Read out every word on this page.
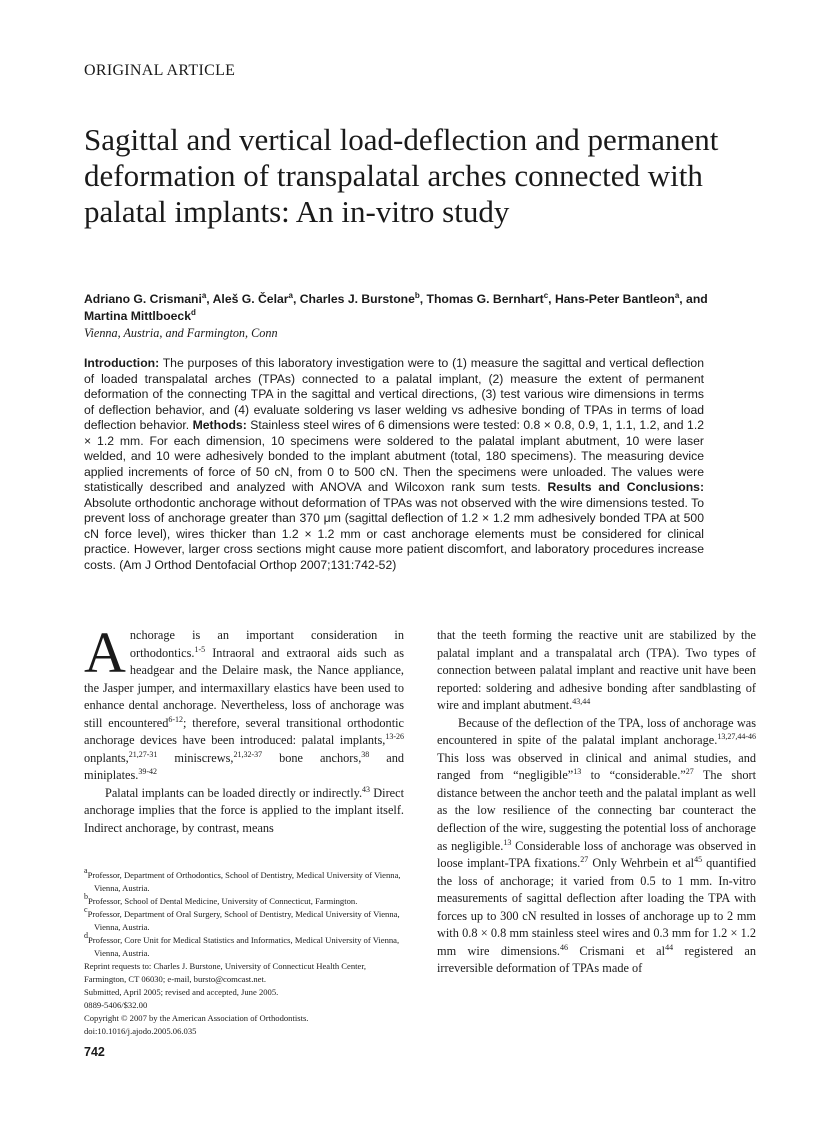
ORIGINAL ARTICLE
Sagittal and vertical load-deflection and permanent deformation of transpalatal arches connected with palatal implants: An in-vitro study
Adriano G. Crismani$^a$, Aleš G. Čelar$^a$, Charles J. Burstone$^b$, Thomas G. Bernhart$^c$, Hans-Peter Bantleon$^a$, and Martina Mittlboeck$^d$
Vienna, Austria, and Farmington, Conn
Introduction: The purposes of this laboratory investigation were to (1) measure the sagittal and vertical deflection of loaded transpalatal arches (TPAs) connected to a palatal implant, (2) measure the extent of permanent deformation of the connecting TPA in the sagittal and vertical directions, (3) test various wire dimensions in terms of deflection behavior, and (4) evaluate soldering vs laser welding vs adhesive bonding of TPAs in terms of load deflection behavior. Methods: Stainless steel wires of 6 dimensions were tested: 0.8 × 0.8, 0.9, 1, 1.1, 1.2, and 1.2 × 1.2 mm. For each dimension, 10 specimens were soldered to the palatal implant abutment, 10 were laser welded, and 10 were adhesively bonded to the implant abutment (total, 180 specimens). The measuring device applied increments of force of 50 cN, from 0 to 500 cN. Then the specimens were unloaded. The values were statistically described and analyzed with ANOVA and Wilcoxon rank sum tests. Results and Conclusions: Absolute orthodontic anchorage without deformation of TPAs was not observed with the wire dimensions tested. To prevent loss of anchorage greater than 370 μm (sagittal deflection of 1.2 × 1.2 mm adhesively bonded TPA at 500 cN force level), wires thicker than 1.2 × 1.2 mm or cast anchorage elements must be considered for clinical practice. However, larger cross sections might cause more patient discomfort, and laboratory procedures increase costs. (Am J Orthod Dentofacial Orthop 2007;131:742-52)

Anchorage is an important consideration in orthodontics.$^{1-5}$ Intraoral and extraoral aids such as headgear and the Delaire mask, the Nance appliance, the Jasper jumper, and intermaxillary elastics have been used to enhance dental anchorage. Nevertheless, loss of anchorage was still encountered$^{6-12}$; therefore, several transitional orthodontic anchorage devices have been introduced: palatal implants,$^{13-26}$ onplants,$^{21,27-31}$ miniscrews,$^{21,32-37}$ bone anchors,$^{38}$ and miniplates.$^{39-42}$

Palatal implants can be loaded directly or indirectly.$^{43}$ Direct anchorage implies that the force is applied to the implant itself. Indirect anchorage, by contrast, means

that the teeth forming the reactive unit are stabilized by the palatal implant and a transpalatal arch (TPA). Two types of connection between palatal implant and reactive unit have been reported: soldering and adhesive bonding after sandblasting of wire and implant abutment.$^{43,44}$

Because of the deflection of the TPA, loss of anchorage was encountered in spite of the palatal implant anchorage.$^{13,27,44-46}$ This loss was observed in clinical and animal studies, and ranged from “negligible”$^{13}$ to “considerable.”$^{27}$ The short distance between the anchor teeth and the palatal implant as well as the low resilience of the connecting bar counteract the deflection of the wire, suggesting the potential loss of anchorage as negligible.$^{13}$ Considerable loss of anchorage was observed in loose implant-TPA fixations.$^{27}$ Only Wehrbein et $al^{45}$ quantified the loss of anchorage; it varied from 0.5 to 1 mm. In-vitro measurements of sagittal deflection after loading the TPA with forces up to 300 cN resulted in losses of anchorage up to 2 mm with 0.8 × 0.8 mm stainless steel wires and 0.3 mm for 1.2 × 1.2 mm wire dimensions.$^{46}$ Crismani et $al^{44}$ registered an irreversible deformation of TPAs made of

$^a$Professor, Department of Orthodontics, School of Dentistry, Medical University of Vienna, Vienna, Austria.
$^b$Professor, School of Dental Medicine, University of Connecticut, Farmington.
$^c$Professor, Department of Oral Surgery, School of Dentistry, Medical University of Vienna, Vienna, Austria.
$^d$Professor, Core Unit for Medical Statistics and Informatics, Medical University of Vienna, Vienna, Austria.
Reprint requests to: Charles J. Burstone, University of Connecticut Health Center, Farmington, CT 06030; e-mail, bursto@comcast.net.
Submitted, April 2005; revised and accepted, June 2005.
0889-5406/$32.00
Copyright © 2007 by the American Association of Orthodontists.
doi:10.1016/j.ajodo.2005.06.035
742
